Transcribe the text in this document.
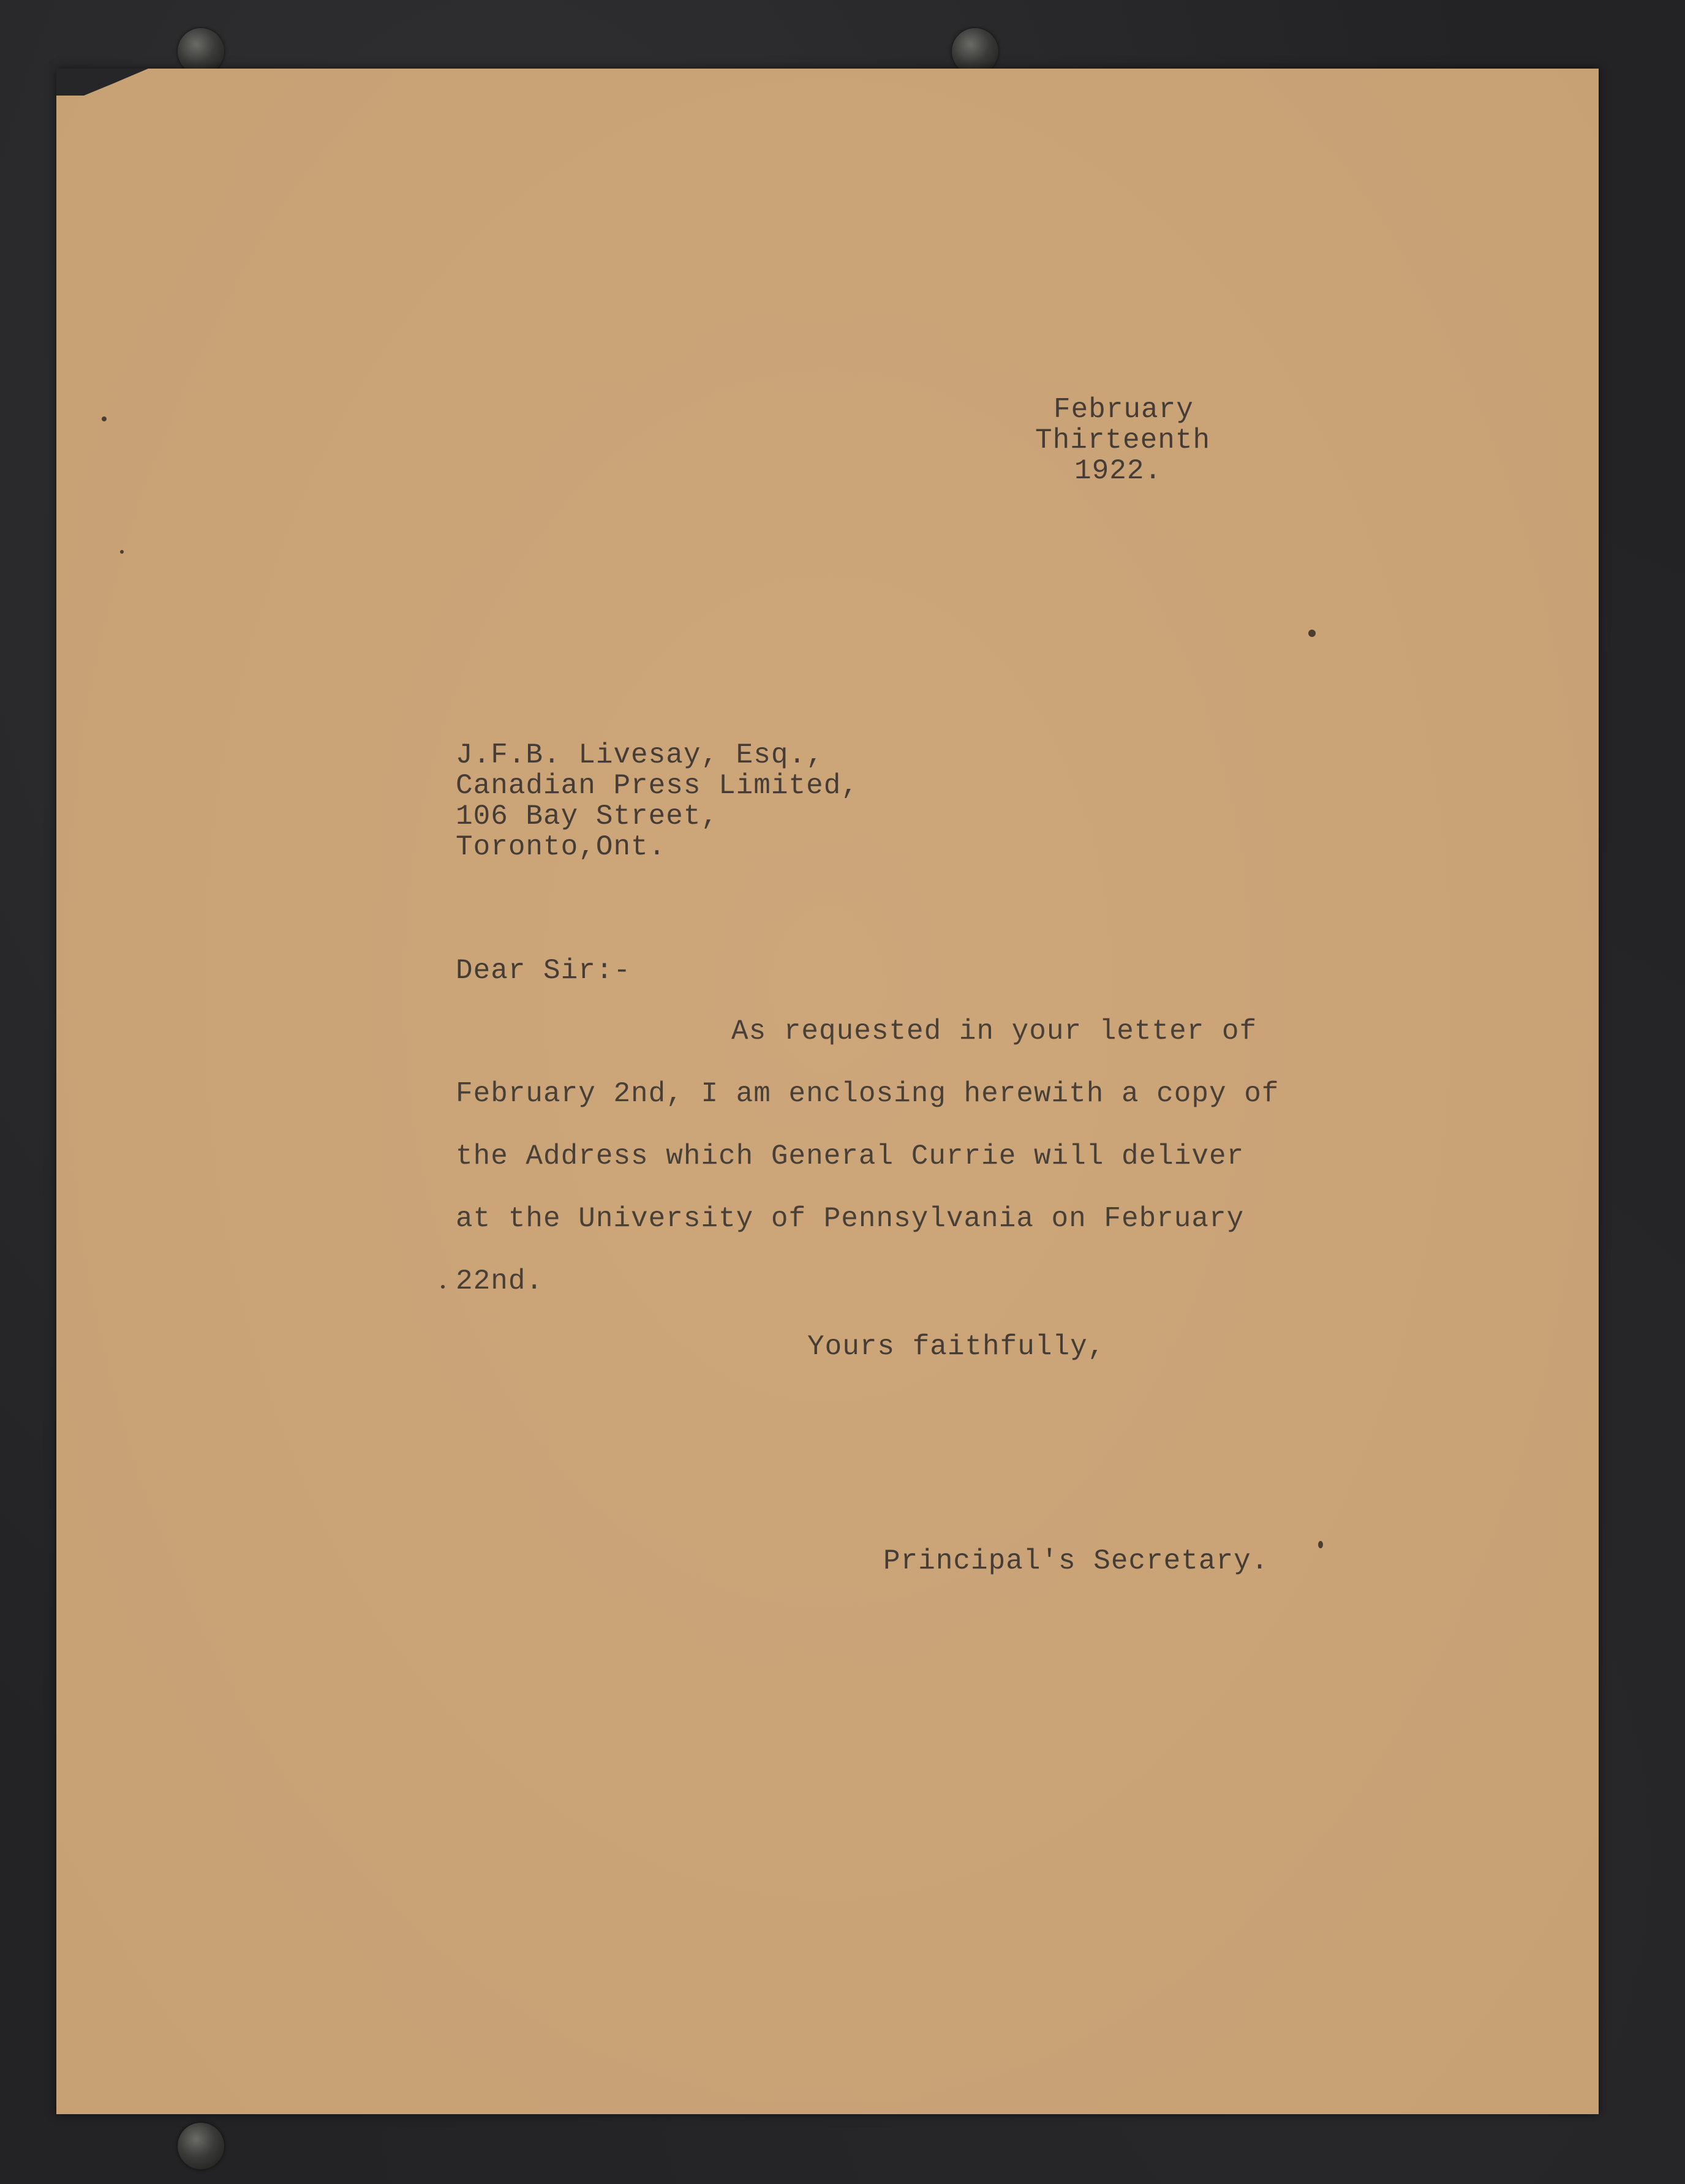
February
Thirteenth
1922.
J.F.B. Livesay, Esq.,
Canadian Press Limited,
106 Bay Street,
Toronto,Ont.
Dear Sir:-
As requested in your letter of
February 2nd, I am enclosing herewith a copy of
the Address which General Currie will deliver
at the University of Pennsylvania on February
22nd.
Yours faithfully,
Principal's Secretary.
